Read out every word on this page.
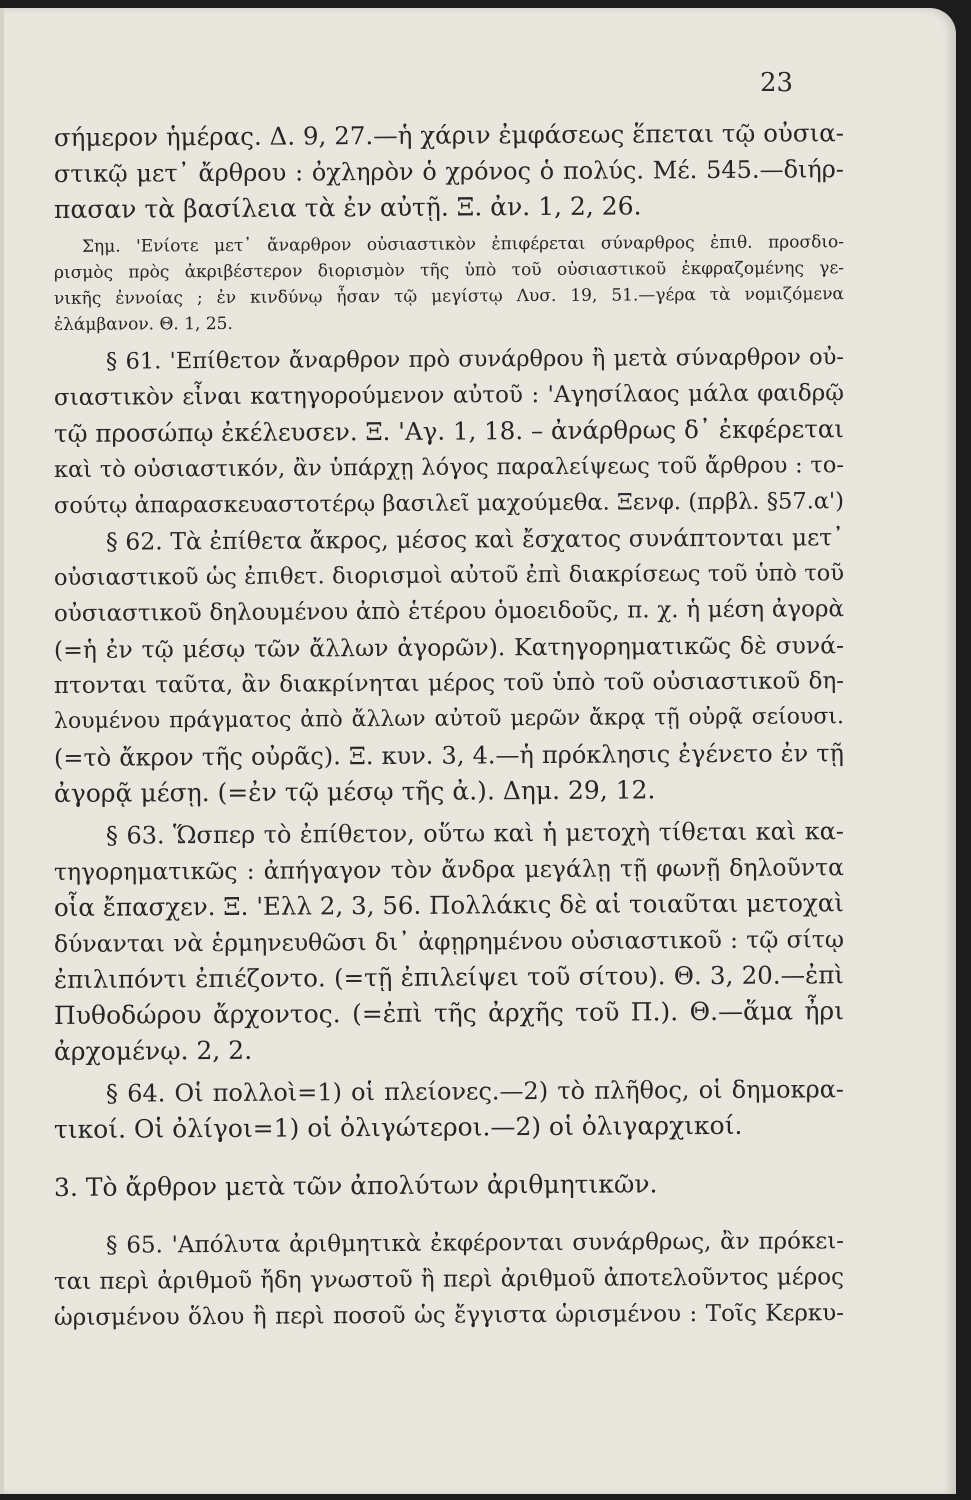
23
σήμερον ἡμέρας. Δ. 9, 27.—ἡ χάριν ἐμφάσεως ἕπεται τῷ οὐσια-
στικῷ μετ᾽ ἄρθρου : ὀχληρὸν ὁ χρόνος ὁ πολύς. Μέ. 545.—διήρ-
πασαν τὰ βασίλεια τὰ ἐν αὐτῇ. Ξ. ἀν. 1, 2, 26.
Σημ. 'Ενίοτε μετ᾽ ἄναρθρον οὐσιαστικὸν ἐπιφέρεται σύναρθρος ἐπιθ. προσδιο-
ρισμὸς πρὸς ἀκριβέστερον διορισμὸν τῆς ὑπὸ τοῦ οὐσιαστικοῦ ἐκφραζομένης γε-
νικῆς ἐννοίας ; ἐν κινδύνῳ ἦσαν τῷ μεγίστῳ Λυσ. 19, 51.—γέρα τὰ νομιζόμενα
ἐλάμβανον. Θ. 1, 25.
§ 61. 'Επίθετον ἄναρθρον πρὸ συνάρθρου ἢ μετὰ σύναρθρον οὐ-
σιαστικὸν εἶναι κατηγορούμενον αὐτοῦ : 'Αγησίλαος μάλα φαιδρῷ
τῷ προσώπῳ ἐκέλευσεν. Ξ. 'Αγ. 1, 18. – ἀνάρθρως δ᾽ ἐκφέρεται
καὶ τὸ οὐσιαστικόν, ἂν ὑπάρχῃ λόγος παραλείψεως τοῦ ἄρθρου : το-
σούτῳ ἀπαρασκευαστοτέρῳ βασιλεῖ μαχούμεθα. Ξενφ. (πρβλ. §57.α')
§ 62. Τὰ ἐπίθετα ἄκρος, μέσος καὶ ἔσχατος συνάπτονται μετ᾽
οὐσιαστικοῦ ὡς ἐπιθετ. διορισμοὶ αὐτοῦ ἐπὶ διακρίσεως τοῦ ὑπὸ τοῦ
οὐσιαστικοῦ δηλουμένου ἀπὸ ἑτέρου ὁμοειδοῦς, π. χ. ἡ μέση ἀγορὰ
(=ἡ ἐν τῷ μέσῳ τῶν ἄλλων ἀγορῶν). Κατηγορηματικῶς δὲ συνά-
πτονται ταῦτα, ἂν διακρίνηται μέρος τοῦ ὑπὸ τοῦ οὐσιαστικοῦ δη-
λουμένου πράγματος ἀπὸ ἄλλων αὐτοῦ μερῶν ἄκρᾳ τῇ οὐρᾷ σείουσι.
(=τὸ ἄκρον τῆς οὐρᾶς). Ξ. κυν. 3, 4.—ἡ πρόκλησις ἐγένετο ἐν τῇ
ἀγορᾷ μέσῃ. (=ἐν τῷ μέσῳ τῆς ἀ.). Δημ. 29, 12.
§ 63. Ὥσπερ τὸ ἐπίθετον, οὕτω καὶ ἡ μετοχὴ τίθεται καὶ κα-
τηγορηματικῶς : ἀπήγαγον τὸν ἄνδρα μεγάλῃ τῇ φωνῇ δηλοῦντα
οἷα ἔπασχεν. Ξ. 'Ελλ 2, 3, 56. Πολλάκις δὲ αἱ τοιαῦται μετοχαὶ
δύνανται νὰ ἑρμηνευθῶσι δι᾽ ἀφῃρημένου οὐσιαστικοῦ : τῷ σίτῳ
ἐπιλιπόντι ἐπιέζοντο. (=τῇ ἐπιλείψει τοῦ σίτου). Θ. 3, 20.—ἐπὶ
Πυθοδώρου ἄρχοντος. (=ἐπὶ τῆς ἀρχῆς τοῦ Π.). Θ.—ἅμα ἦρι
ἀρχομένῳ. 2, 2.
§ 64. Οἱ πολλοὶ=1) οἱ πλείονες.—2) τὸ πλῆθος, οἱ δημοκρα-
τικοί. Οἱ ὀλίγοι=1) οἱ ὀλιγώτεροι.—2) οἱ ὀλιγαρχικοί.
3. Τὸ ἄρθρον μετὰ τῶν ἀπολύτων ἀριθμητικῶν.
§ 65. 'Απόλυτα ἀριθμητικὰ ἐκφέρονται συνάρθρως, ἂν πρόκει-
ται περὶ ἀριθμοῦ ἤδη γνωστοῦ ἢ περὶ ἀριθμοῦ ἀποτελοῦντος μέρος
ὡρισμένου ὅλου ἢ περὶ ποσοῦ ὡς ἔγγιστα ὡρισμένου : Τοῖς Κερκυ-
